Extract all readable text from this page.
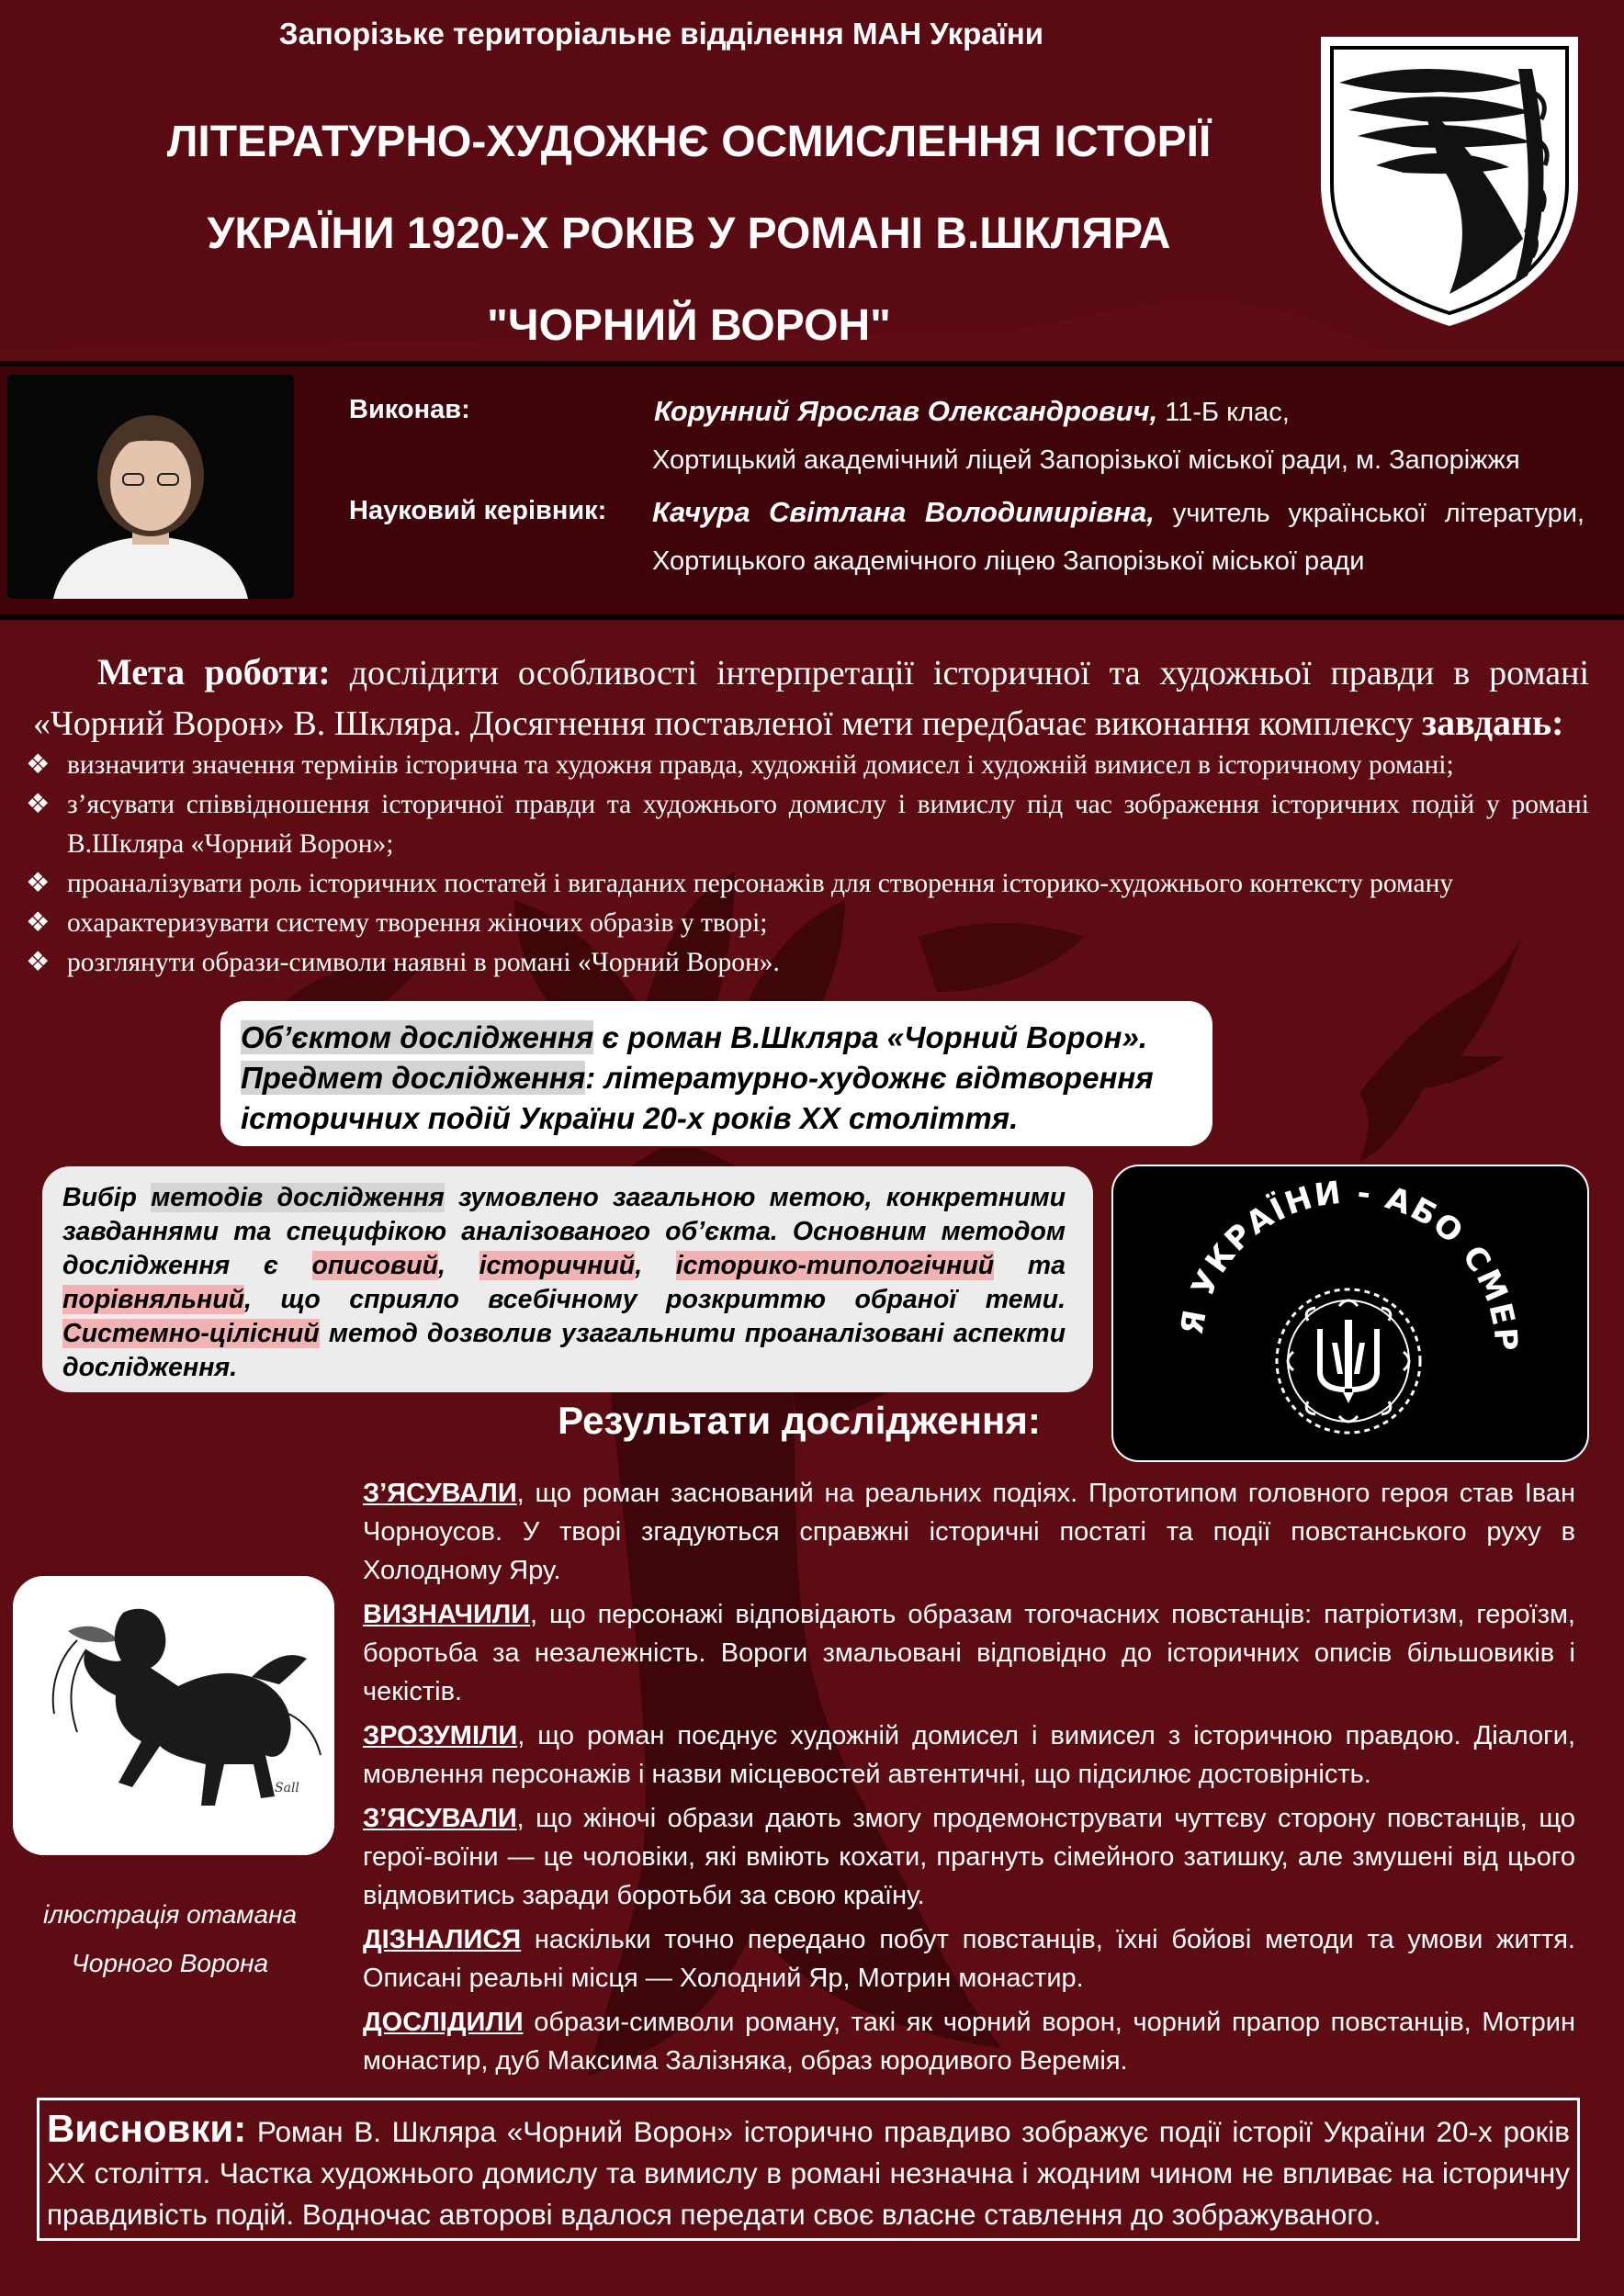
Запорізьке територіальне відділення МАН України
ЛІТЕРАТУРНО-ХУДОЖНЄ ОСМИСЛЕННЯ ІСТОРІЇ
УКРАЇНИ 1920-Х РОКІВ У РОМАНІ В.ШКЛЯРА
"ЧОРНИЙ ВОРОН"
Виконав:	Корунний Ярослав Олександрович, 11-Б клас,
Хортицький академічний ліцей Запорізької міської ради, м. Запоріжжя
Науковий керівник: Качура Світлана Володимирівна, учитель української літератури,
Хортицького академічного ліцею Запорізької міської ради

Мета роботи: дослідити особливості інтерпретації історичної та художньої правди в романі «Чорний Ворон» В. Шкляра. Досягнення поставленої мети передбачає виконання комплексу завдань:

❖ визначити значення термінів історична та художня правда, художній домисел і художній вимисел в історичному романі;
❖ з’ясувати співвідношення історичної правди та художнього домислу і вимислу під час зображення історичних подій у романі В.Шкляра «Чорний Ворон»;
❖ проаналізувати роль історичних постатей і вигаданих персонажів для створення історико-художнього контексту роману
❖ охарактеризувати систему творення жіночих образів у творі;
❖ розглянути образи-символи наявні в романі «Чорний Ворон».

Об’єктом дослідження є роман В.Шкляра «Чорний Ворон».

Предмет дослідження: літературно-художнє відтворення історичних подій України 20-х років ХХ століття.

Вибір методів дослідження зумовлено загальною метою, конкретними завданнями та специфікою аналізованого об’єкта. Основним методом дослідження є описовий, історичний, історико-типологічний та порівняльний, що сприяло всебічному розкриттю обраної теми. Системно-цілісний метод дозволив узагальнити проаналізовані аспекти дослідження.

Я УКРАЇНИ - АБО СМЕР
Результати дослідження:

З’ЯСУВАЛИ, що роман заснований на реальних подіях. Прототипом головного героя став Іван Чорноусов. У творі згадуються справжні історичні постаті та події повстанського руху в Холодному Яру.

ВИЗНАЧИЛИ, що персонажі відповідають образам тогочасних повстанців: патріотизм, героїзм, боротьба за незалежність. Вороги змальовані відповідно до історичних описів більшовиків і чекістів.

ЗРОЗУМІЛИ, що роман поєднує художній домисел і вимисел з історичною правдою. Діалоги, мовлення персонажів і назви місцевостей автентичні, що підсилює достовірність.

З’ЯСУВАЛИ, що жіночі образи дають змогу продемонструвати чуттєву сторону повстанців, що герої-воїни — це чоловіки, які вміють кохати, прагнуть сімейного затишку, але змушені від цього відмовитись заради боротьби за свою країну.

ДІЗНАЛИСЯ наскільки точно передано побут повстанців, їхні бойові методи та умови життя. Описані реальні місця — Холодний Яр, Мотрин монастир.

ДОСЛІДИЛИ образи-символи роману, такі як чорний ворон, чорний прапор повстанців, Мотрин монастир, дуб Максима Залізняка, образ юродивого Веремія.

Sall
ілюстрація отамана
Чорного Ворона
Висновки: Роман В. Шкляра «Чорний Ворон» історично правдиво зображує події історії України 20-х років ХХ століття. Частка художнього домислу та вимислу в романі незначна і жодним чином не впливає на історичну правдивість подій. Водночас авторові вдалося передати своє власне ставлення до зображуваного.
